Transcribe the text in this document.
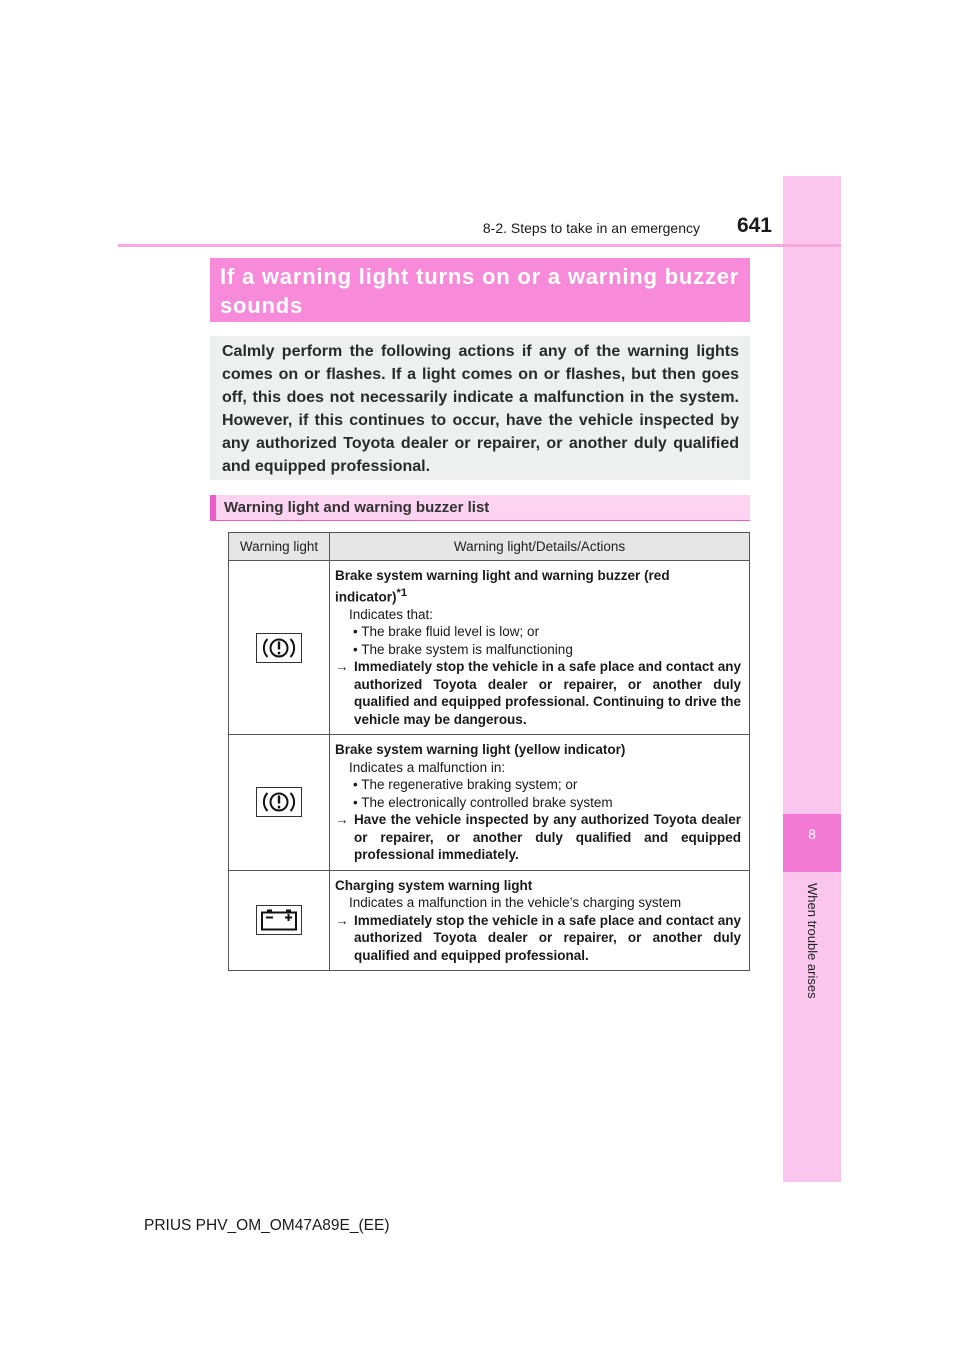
8
When trouble arises
8-2. Steps to take in an emergency	641

If a warning light turns on or a warning buzzer sounds

Calmly perform the following actions if any of the warning lights comes on or flashes. If a light comes on or flashes, but then goes off, this does not necessarily indicate a malfunction in the system. However, if this continues to occur, have the vehicle inspected by any authorized Toyota dealer or repairer, or another duly qualified and equipped professional.

Warning light and warning buzzer list

Warning light	Warning light/Details/Actions

Brake system warning light and warning buzzer (red indicator)$^{*1}$
Indicates that:
• The brake fluid level is low; or
• The brake system is malfunctioning
→ Immediately stop the vehicle in a safe place and contact any authorized Toyota dealer or repairer, or another duly qualified and equipped professional. Continuing to drive the vehicle may be dangerous.

Brake system warning light (yellow indicator)
Indicates a malfunction in:
• The regenerative braking system; or
• The electronically controlled brake system
→ Have the vehicle inspected by any authorized Toyota dealer or repairer, or another duly qualified and equipped professional immediately.

Charging system warning light
Indicates a malfunction in the vehicle’s charging system
→ Immediately stop the vehicle in a safe place and contact any authorized Toyota dealer or repairer, or another duly qualified and equipped professional.
PRIUS PHV_OM_OM47A89E_(EE)
